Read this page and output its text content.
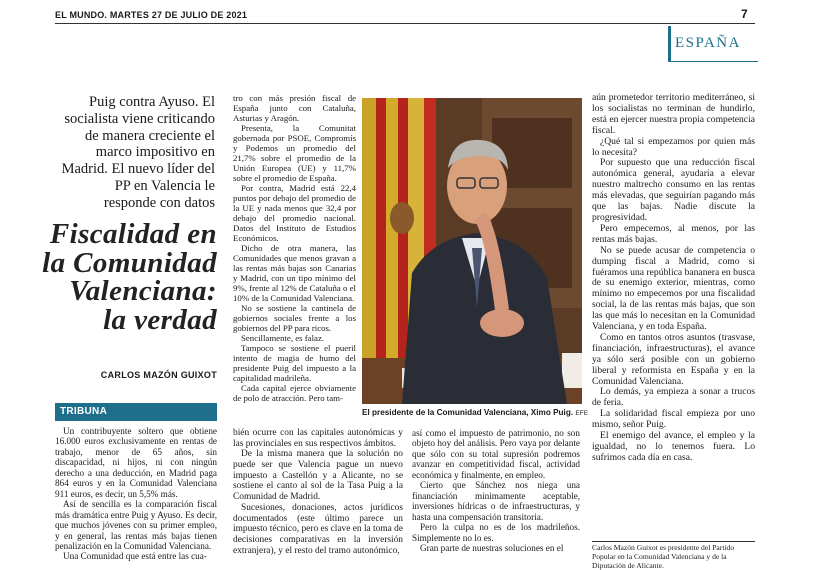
EL MUNDO. MARTES 27 DE JULIO DE 2021	7
ESPAÑA
Puig contra Ayuso. El socialista viene criticando de manera creciente el marco impositivo en Madrid. El nuevo líder del PP en Valencia le responde con datos
Fiscalidad en la Comunidad Valenciana: la verdad
CARLOS MAZÓN GUIXOT
TRIBUNA

Un contribuyente soltero que obtiene 16.000 euros exclusivamente en rentas de trabajo, menor de 65 años, sin discapacidad, ni hijos, ni con ningún derecho a una deducción, en Madrid paga 864 euros y en la Comunidad Valenciana 911 euros, es decir, un 5,5% más.

Así de sencilla es la comparación fiscal más dramática entre Puig y Ayuso. Es decir, que muchos jóvenes con su primer empleo, y en general, las rentas más bajas tienen penalización en la Comunidad Valenciana.

Una Comunidad que está entre las cua-

tro con más presión fiscal de España junto con Cataluña, Asturias y Aragón.

Presenta, la Comunitat gobernada por PSOE, Compromís y Podemos un promedio del 21,7% sobre el promedio de la Unión Europea (UE) y 11,7% sobre el promedio de España.

Por contra, Madrid está 22,4 puntos por debajo del promedio de la UE y nada menos que 32,4 por debajo del promedio nacional. Datos del Instituto de Estudios Económicos.

Dicho de otra manera, las Comunidades que menos gravan a las rentas más bajas son Canarias y Madrid, con un tipo mínimo del 9%, frente al 12% de Cataluña o el 10% de la Comunidad Valenciana.

No se sostiene la cantinela de gobiernos sociales frente a los gobiernos del PP para ricos.

Sencillamente, es falaz.

Tampoco se sostiene el pueril intento de magia de humo del presidente Puig del impuesto a la capitalidad madrileña.

Cada capital ejerce obviamente de polo de atracción. Pero tam-

El presidente de la Comunidad Valenciana, Ximo Puig. EFE

bién ocurre con las capitales autonómicas y las provinciales en sus respectivos ámbitos.

De la misma manera que la solución no puede ser que Valencia pague un nuevo impuesto a Castellón y a Alicante, no se sostiene el canto al sol de la Tasa Puig a la Comunidad de Madrid.

Sucesiones, donaciones, actos jurídicos documentados (este último parece un impuesto técnico, pero es clave en la toma de decisiones comparativas en la inversión extranjera), y el resto del tramo autonómico,

así como el impuesto de patrimonio, no son objeto hoy del análisis. Pero vaya por delante que sólo con su total supresión podremos avanzar en competitividad fiscal, actividad económica y finalmente, en empleo.

Cierto que Sánchez nos niega una financiación mínimamente aceptable, inversiones hídricas o de infraestructuras, y hasta una compensación transitoria.

Pero la culpa no es de los madrileños. Simplemente no lo es.

Gran parte de nuestras soluciones en el

aún prometedor territorio mediterráneo, si los socialistas no terminan de hundirlo, está en ejercer nuestra propia competencia fiscal.

¿Qué tal si empezamos por quien más lo necesita?

Por supuesto que una reducción fiscal autonómica general, ayudaría a elevar nuestro maltrecho consumo en las rentas más elevadas, que seguirían pagando más que las bajas. Nadie discute la progresividad.

Pero empecemos, al menos, por las rentas más bajas.

No se puede acusar de competencia o dumping fiscal a Madrid, como si fuéramos una república bananera en busca de su enemigo exterior, mientras, como mínimo no empecemos por una fiscalidad social, la de las rentas más bajas, que son las que más lo necesitan en la Comunidad Valenciana, y en toda España.

Como en tantos otros asuntos (trasvase, financiación, infraestructuras), el avance ya sólo será posible con un gobierno liberal y reformista en España y en la Comunidad Valenciana.

Lo demás, ya empieza a sonar a trucos de feria.

La solidaridad fiscal empieza por uno mismo, señor Puig.

El enemigo del avance, el empleo y la igualdad, no lo tenemos fuera. Lo sufrimos cada día en casa.

Carlos Mazón Guixot es presidente del Partido Popular en la Comunidad Valenciana y de la Diputación de Alicante.
